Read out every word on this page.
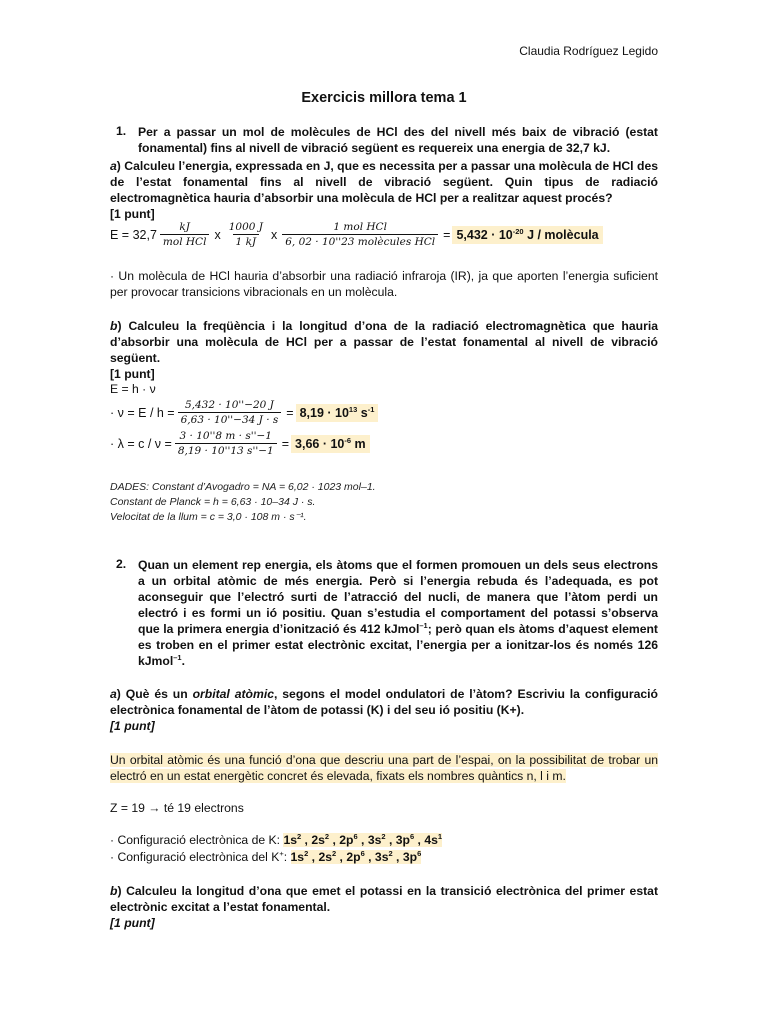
Claudia Rodríguez Legido
Exercicis millora tema 1
1. Per a passar un mol de molècules de HCl des del nivell més baix de vibració (estat fonamental) fins al nivell de vibració següent es requereix una energia de 32,7 kJ.
a) Calculeu l’energia, expressada en J, que es necessita per a passar una molècula de HCl des de l’estat fonamental fins al nivell de vibració següent. Quin tipus de radiació electromagnètica hauria d’absorbir una molècula de HCl per a realitzar aquest procés?
[1 punt]
$E = 32,7 \frac{kJ}{\text{mol HCl}}$ x $\frac{1000 J}{1 kJ}$ x $\frac{\text{1 mol HCl}}{\text{6, 02 · 10''23 molècules HCl}} = 5,432 \cdot 10^{-20}$ J / molècula
· Un molècula de HCl hauria d’absorbir una radiació infraroja (IR), ja que aporten l’energia suficient per provocar transicions vibracionals en un molècula.
b) Calculeu la freqüència i la longitud d’ona de la radiació electromagnètica que hauria d’absorbir una molècula de HCl per a passar de l’estat fonamental al nivell de vibració següent.
[1 punt]
E = h · ν
· $\nu = E / h = \frac{5,432 \cdot 10''-20 J}{6,63 \cdot 10''-34 J \cdot s} = 8,19 \cdot 10^{13}$ $s^{-1}$
· $\lambda = c / \nu = \frac{3 \cdot 10''8 m \cdot s''-1}{8,19 \cdot 10''13 s''-1} = 3,66 \cdot 10^{-6}$ m
DADES: Constant d’Avogadro = NA = 6,02 · 1023 mol–1.
Constant de Planck = h = 6,63 · 10–34 J · s.
Velocitat de la llum = c = 3,0 · 108 m · s⁻¹.
2. Quan un element rep energia, els àtoms que el formen promouen un dels seus electrons a un orbital atòmic de més energia. Però si l’energia rebuda és l’adequada, es pot aconseguir que l’electró surti de l’atracció del nucli, de manera que l’àtom perdi un electró i es formi un ió positiu. Quan s’estudia el comportament del potassi s’observa que la primera energia d’ionització és 412 kJmol$^{-1}$; però quan els àtoms d’aquest element es troben en el primer estat electrònic excitat, l’energia per a ionitzar-los és només 126 kJmol$^{-1}$.
a) Què és un orbital atòmic, segons el model ondulatori de l’àtom? Escriviu la configuració electrònica fonamental de l’àtom de potassi (K) i del seu ió positiu (K+).
[1 punt]
Un orbital atòmic és una funció d’ona que descriu una part de l’espai, on la possibilitat de trobar un electró en un estat energètic concret és elevada, fixats els nombres quàntics n, l i m.
Z = 19 → té 19 electrons
· Configuració electrònica de K: $1s^2$ , $2s^2$ , $2p^6$ , $3s^2$ , $3p^6$ , $4s^1$
· Configuració electrònica del K+: $1s^2$ , $2s^2$ , $2p^6$ , $3s^2$ , $3p^6$
b) Calculeu la longitud d’ona que emet el potassi en la transició electrònica del primer estat electrònic excitat a l’estat fonamental.
[1 punt]
